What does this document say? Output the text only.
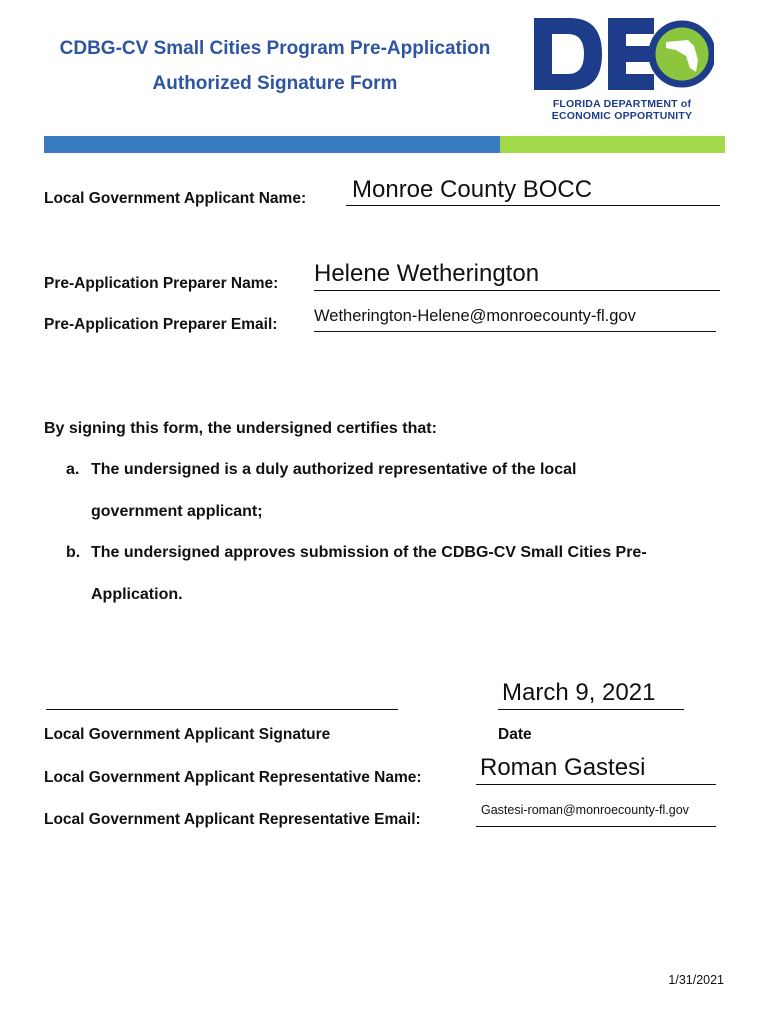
CDBG-CV Small Cities Program Pre-Application
Authorized Signature Form
FLORIDA DEPARTMENT of
ECONOMIC OPPORTUNITY
Local Government Applicant Name: Monroe County BOCC
Pre-Application Preparer Name: Helene Wetherington
Pre-Application Preparer Email: Wetherington-Helene@monroecounty-fl.gov
By signing this form, the undersigned certifies that:
a. The undersigned is a duly authorized representative of the local
government applicant;
b. The undersigned approves submission of the CDBG-CV Small Cities Pre-
Application.
March 9, 2021
Local Government Applicant Signature	Date
Local Government Applicant Representative Name: Roman Gastesi
Local Government Applicant Representative Email:
Gastesi-roman@monroecounty-fl.gov
1/31/2021
